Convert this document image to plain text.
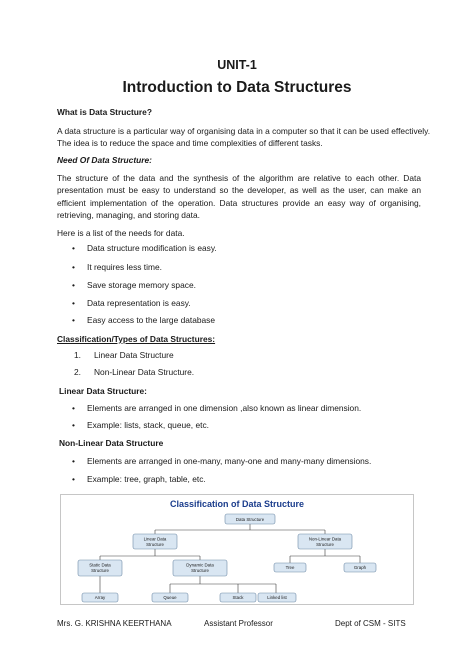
UNIT-1
Introduction to Data Structures
What is Data Structure?
A data structure is a particular way of organising data in a computer so that it can be used effectively.
The idea is to reduce the space and time complexities of different tasks.
Need Of Data Structure:
The structure of the data and the synthesis of the algorithm are relative to each other. Data presentation must be easy to understand so the developer, as well as the user, can make an efficient implementation of the operation. Data structures provide an easy way of organising, retrieving, managing, and storing data.
Here is a list of the needs for data.
• Data structure modification is easy.
• It requires less time.
• Save storage memory space.
• Data representation is easy.
• Easy access to the large database
Classification/Types of Data Structures:
1. Linear Data Structure
2. Non-Linear Data Structure.
Linear Data Structure:
• Elements are arranged in one dimension ,also known as linear dimension.
• Example: lists, stack, queue, etc.
Non-Linear Data Structure
• Elements are arranged in one-many, many-one and many-many dimensions.
• Example: tree, graph, table, etc.
Classification of Data Structure
Data Structure
Linear Data
Structure
Non-Linear Data
Structure
Static Data
Structure
Dynamic Data
Structure
Tree	Graph
Array	Queue	Stack	Linked list
Mrs. G. KRISHNA KEERTHANA	Assistant Professor	Dept of CSM - SITS
